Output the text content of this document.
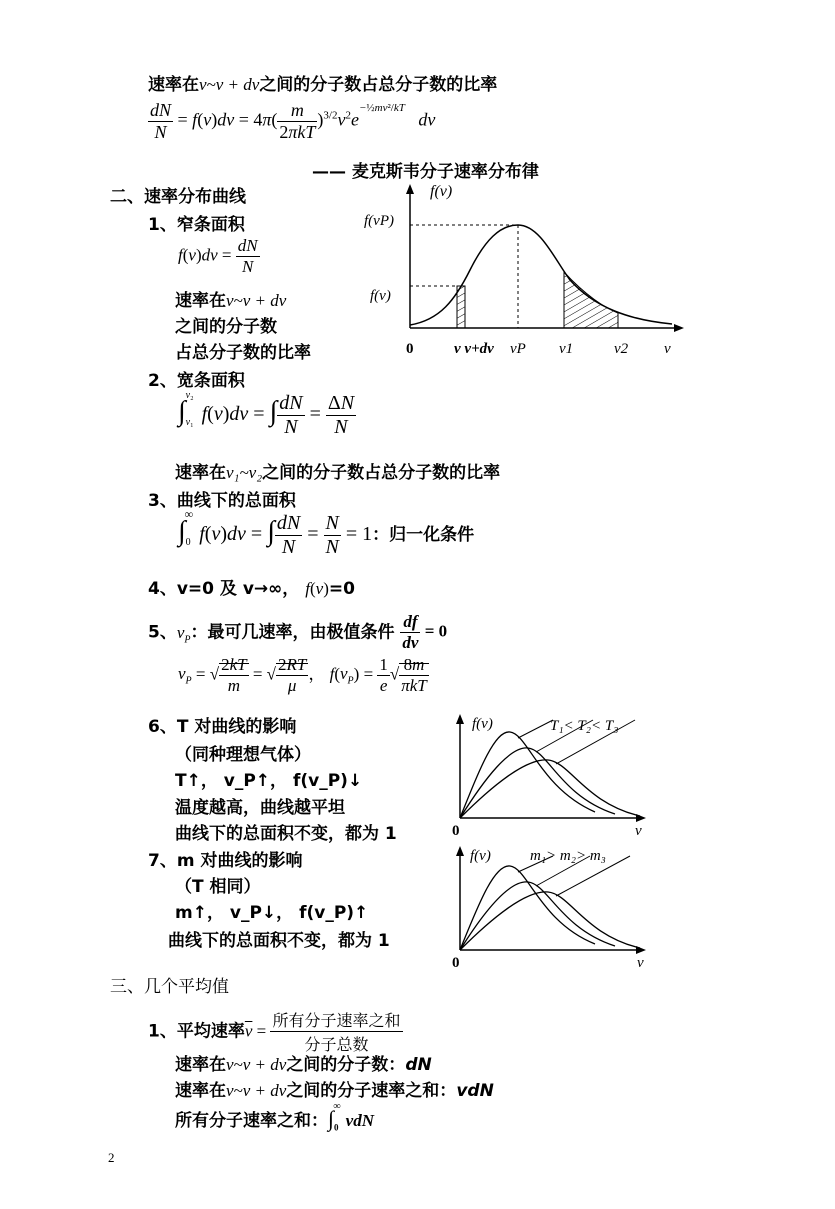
速率在v~v + dv之间的分子数占总分子数的比率
$\frac{dN}{N} = f(v)dv = 4\pi( \frac{m}{\text{2πkT}} )^{3/2}v^2e^{-\frac{1}{2}mv^2/kT}$   dv
—— 麦克斯韦分子速率分布律
二、速率分布曲线
1、窄条面积
$f(v)dv = \frac{dN}{N}$
速率在v~v + dv
之间的分子数
占总分子数的比率
f(v)
f(vP)
f(v)
0	v v+dv vP v1	v2 v
2、宽条面积
$\int_{v_1}^{v_2}f(v)dv$ = ∫ $\frac{dN}{N} = \frac{\Delta N}{N}$
速率在v₁~v₂之间的分子数占总分子数的比率
3、曲线下的总面积
$\int_0^\infty f(v)dv$ = ∫ $\frac{dN}{N} = \frac{N}{N} = 1$：归一化条件
4、v=0 及 v→∞， f(v)=0
5、$v_P$：最可几速率，由极值条件 $\frac{df}{dv} = 0$
$v_P$ = √ $\frac{2kT}{m}$ = √ $\frac{2RT}{\mu}$ ， $f(v_P) = \frac{1}{e}$ √ $\frac{8m}{\text{πkT}}$
6、T 对曲线的影响
（同种理想气体）
T↑， v_P↑， f(v_P)↓
温度越高，曲线越平坦
曲线下的总面积不变，都为 1
f(v)	T₁< T₂< T₃
0	v
7、m 对曲线的影响
（T 相同）
m↑， v_P↓， f(v_P)↑
曲线下的总面积不变，都为 1
f(v)	m₁> m₂> m₃
0	v
三、几个平均值
1、平均速率$\overline{v} = \frac{\text{所有分子速率之和}}{\text{分子总数}}$
速率在v~v + dv之间的分子数：dN
速率在v~v + dv之间的分子速率之和：vdN
所有分子速率之和：$\int_0^\infty vdN$
2
